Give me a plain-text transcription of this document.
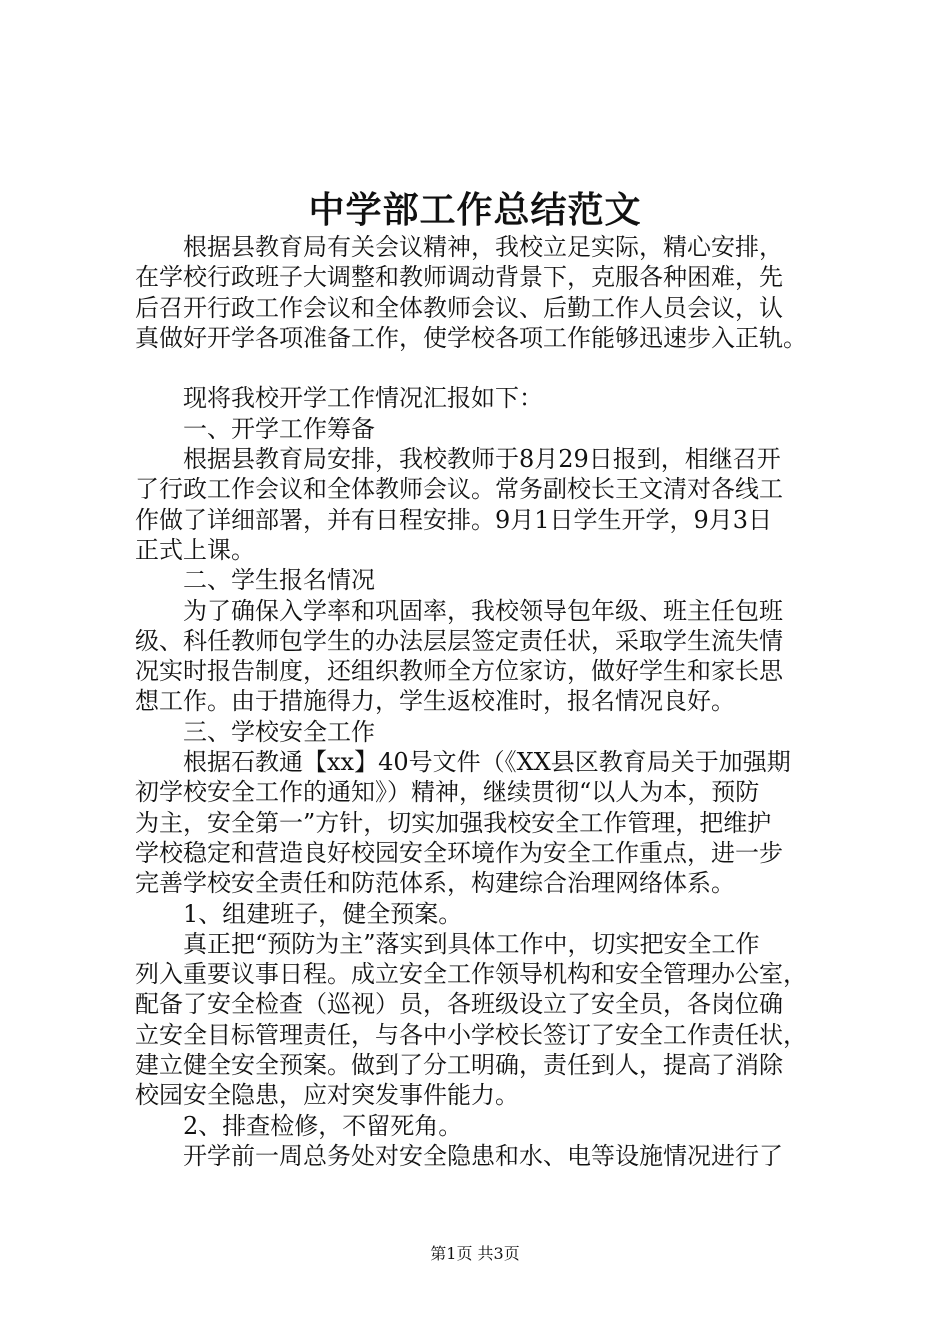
中学部工作总结范文
根据县教育局有关会议精神，我校立足实际，精心安排，
在学校行政班子大调整和教师调动背景下，克服各种困难，先
后召开行政工作会议和全体教师会议、后勤工作人员会议，认
真做好开学各项准备工作，使学校各项工作能够迅速步入正轨。
现将我校开学工作情况汇报如下：
一、开学工作筹备
根据县教育局安排，我校教师于8月29日报到，相继召开
了行政工作会议和全体教师会议。常务副校长王文清对各线工
作做了详细部署，并有日程安排。9月1日学生开学，9月3日
正式上课。
二、学生报名情况
为了确保入学率和巩固率，我校领导包年级、班主任包班
级、科任教师包学生的办法层层签定责任状，采取学生流失情
况实时报告制度，还组织教师全方位家访，做好学生和家长思
想工作。由于措施得力，学生返校准时，报名情况良好。
三、学校安全工作
根据石教通【xx】40号文件（《XX县区教育局关于加强期
初学校安全工作的通知》）精神，继续贯彻“以人为本，预防
为主，安全第一”方针，切实加强我校安全工作管理，把维护
学校稳定和营造良好校园安全环境作为安全工作重点，进一步
完善学校安全责任和防范体系，构建综合治理网络体系。
1、组建班子，健全预案。
真正把“预防为主”落实到具体工作中，切实把安全工作
列入重要议事日程。成立安全工作领导机构和安全管理办公室，
配备了安全检查（巡视）员，各班级设立了安全员，各岗位确
立安全目标管理责任，与各中小学校长签订了安全工作责任状，
建立健全安全预案。做到了分工明确，责任到人，提高了消除
校园安全隐患，应对突发事件能力。
2、排查检修，不留死角。
开学前一周总务处对安全隐患和水、电等设施情况进行了
第1页 共3页
